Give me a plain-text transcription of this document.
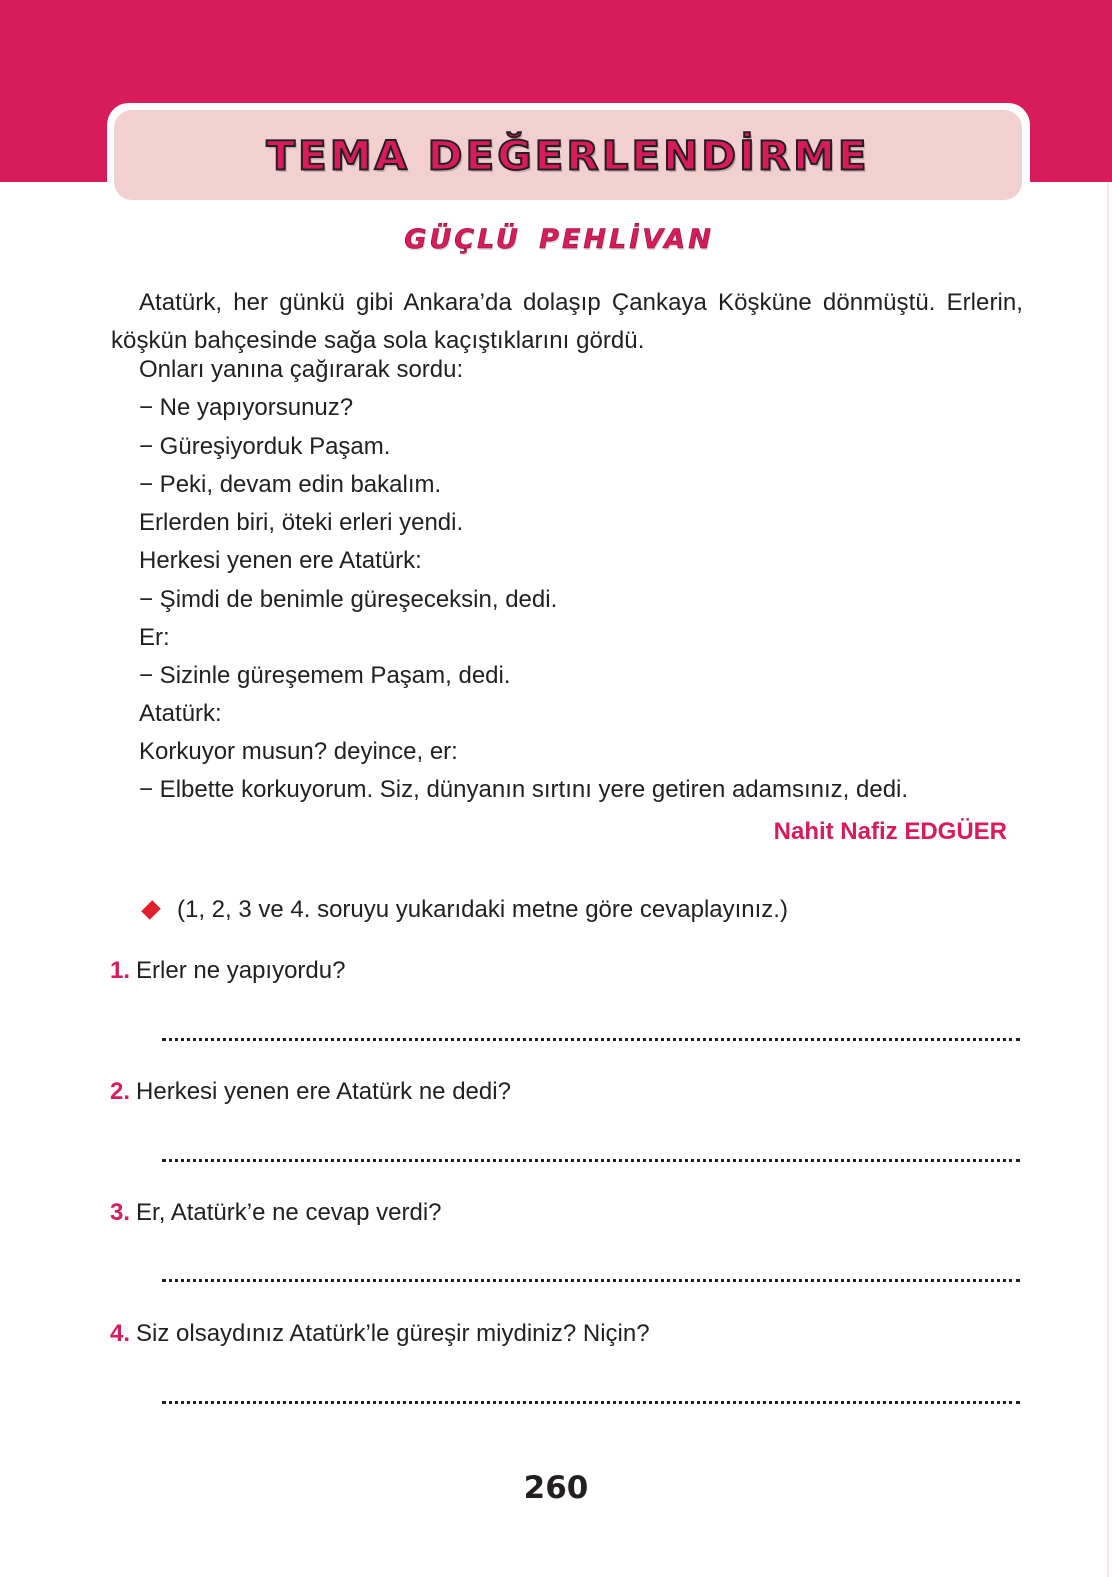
TEMA DEĞERLENDİRME
GÜÇLÜ PEHLİVAN
Atatürk, her günkü gibi Ankara’da dolaşıp Çankaya Köşküne dönmüştü. Erlerin, köşkün bahçesinde sağa sola kaçıştıklarını gördü.
Onları yanına çağırarak sordu:
− Ne yapıyorsunuz?
− Güreşiyorduk Paşam.
− Peki, devam edin bakalım.
Erlerden biri, öteki erleri yendi.
Herkesi yenen ere Atatürk:
− Şimdi de benimle güreşeceksin, dedi.
Er:
− Sizinle güreşemem Paşam, dedi.
Atatürk:
Korkuyor musun? deyince, er:
− Elbette korkuyorum. Siz, dünyanın sırtını yere getiren adamsınız, dedi.
Nahit Nafiz EDGÜER
(1, 2, 3 ve 4. soruyu yukarıdaki metne göre cevaplayınız.)
1. Erler ne yapıyordu?
2. Herkesi yenen ere Atatürk ne dedi?
3. Er, Atatürk’e ne cevap verdi?
4. Siz olsaydınız Atatürk’le güreşir miydiniz? Niçin?
260
